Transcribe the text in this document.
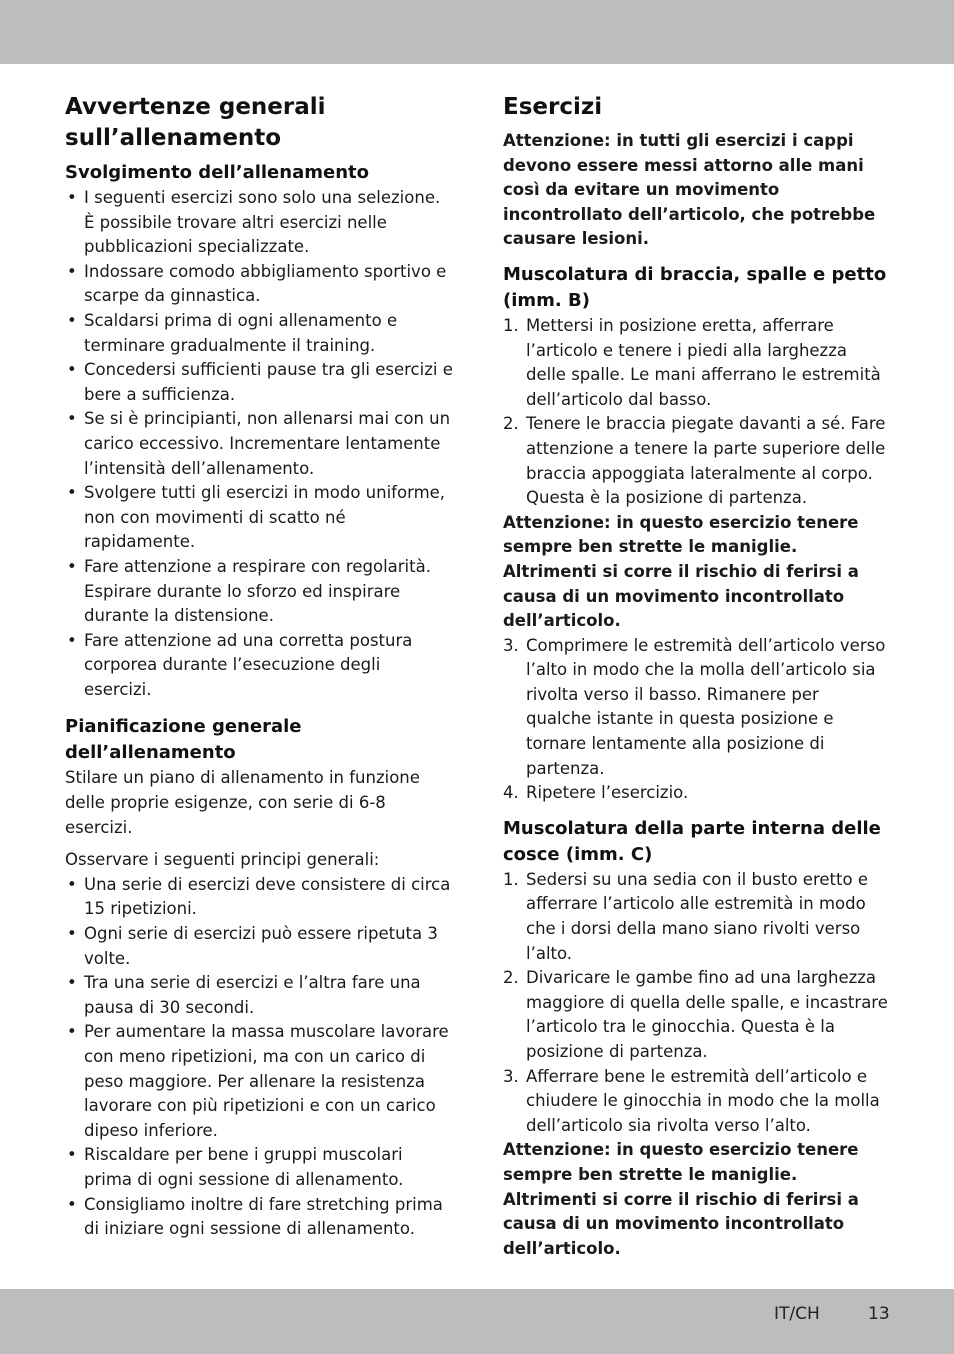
Avvertenze generali sull’allenamento
Svolgimento dell’allenamento
• I seguenti esercizi sono solo una selezione. È possibile trovare altri esercizi nelle pubblicazioni specializzate.
• Indossare comodo abbigliamento sportivo e scarpe da ginnastica.
• Scaldarsi prima di ogni allenamento e terminare gradualmente il training.
• Concedersi sufficienti pause tra gli esercizi e bere a sufficienza.
• Se si è principianti, non allenarsi mai con un carico eccessivo. Incrementare lentamente l’intensità dell’allenamento.
• Svolgere tutti gli esercizi in modo uniforme, non con movimenti di scatto né rapidamente.
• Fare attenzione a respirare con regolarità. Espirare durante lo sforzo ed inspirare durante la distensione.
• Fare attenzione ad una corretta postura corporea durante l’esecuzione degli esercizi.
Pianificazione generale dell’allenamento

Stilare un piano di allenamento in funzione delle proprie esigenze, con serie di 6-8 esercizi.

Osservare i seguenti principi generali:

• Una serie di esercizi deve consistere di circa 15 ripetizioni.
• Ogni serie di esercizi può essere ripetuta 3 volte.
• Tra una serie di esercizi e l’altra fare una pausa di 30 secondi.
• Per aumentare la massa muscolare lavorare con meno ripetizioni, ma con un carico di peso maggiore. Per allenare la resistenza lavorare con più ripetizioni e con un carico dipeso inferiore.
• Riscaldare per bene i gruppi muscolari prima di ogni sessione di allenamento.
• Consigliamo inoltre di fare stretching prima di iniziare ogni sessione di allenamento.
Esercizi

Attenzione: in tutti gli esercizi i cappi devono essere messi attorno alle mani così da evitare un movimento incontrollato dell’articolo, che potrebbe causare lesioni.

Muscolatura di braccia, spalle e petto (imm. B)
1. Mettersi in posizione eretta, afferrare l’articolo e tenere i piedi alla larghezza delle spalle. Le mani afferrano le estremità dell’articolo dal basso.
2. Tenere le braccia piegate davanti a sé. Fare attenzione a tenere la parte superiore delle braccia appoggiata lateralmente al corpo. Questa è la posizione di partenza.

Attenzione: in questo esercizio tenere sempre ben strette le maniglie. Altrimenti si corre il rischio di ferirsi a causa di un movimento incontrollato dell’articolo.

3. Comprimere le estremità dell’articolo verso l’alto in modo che la molla dell’articolo sia rivolta verso il basso. Rimanere per qualche istante in questa posizione e tornare lentamente alla posizione di partenza.
4. Ripetere l’esercizio.
Muscolatura della parte interna delle cosce (imm. C)
1. Sedersi su una sedia con il busto eretto e afferrare l’articolo alle estremità in modo che i dorsi della mano siano rivolti verso l’alto.
2. Divaricare le gambe fino ad una larghezza maggiore di quella delle spalle, e incastrare l’articolo tra le ginocchia. Questa è la posizione di partenza.
3. Afferrare bene le estremità dell’articolo e chiudere le ginocchia in modo che la molla dell’articolo sia rivolta verso l’alto.

Attenzione: in questo esercizio tenere sempre ben strette le maniglie. Altrimenti si corre il rischio di ferirsi a causa di un movimento incontrollato dell’articolo.

IT/CH	13
